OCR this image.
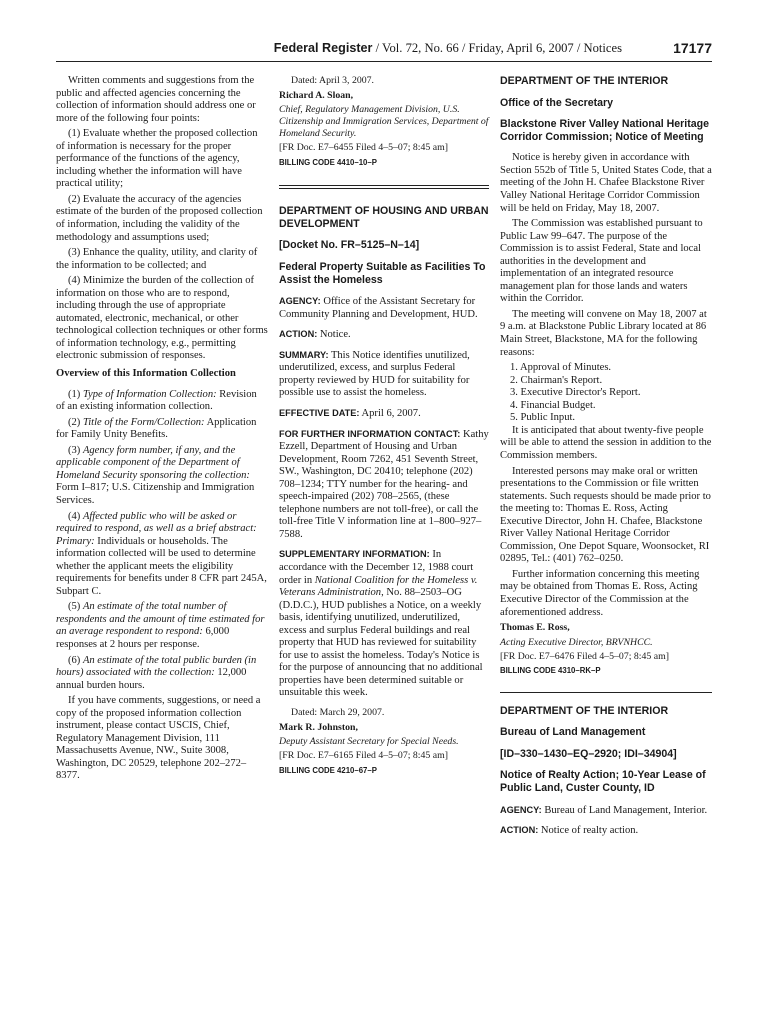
Federal Register / Vol. 72, No. 66 / Friday, April 6, 2007 / Notices	17177

Written comments and suggestions from the public and affected agencies concerning the collection of information should address one or more of the following four points:

(1) Evaluate whether the proposed collection of information is necessary for the proper performance of the functions of the agency, including whether the information will have practical utility;

(2) Evaluate the accuracy of the agencies estimate of the burden of the proposed collection of information, including the validity of the methodology and assumptions used;

(3) Enhance the quality, utility, and clarity of the information to be collected; and

(4) Minimize the burden of the collection of information on those who are to respond, including through the use of appropriate automated, electronic, mechanical, or other technological collection techniques or other forms of information technology, e.g., permitting electronic submission of responses.

Overview of this Information Collection

(1) Type of Information Collection: Revision of an existing information collection.

(2) Title of the Form/Collection: Application for Family Unity Benefits.

(3) Agency form number, if any, and the applicable component of the Department of Homeland Security sponsoring the collection: Form I–817; U.S. Citizenship and Immigration Services.

(4) Affected public who will be asked or required to respond, as well as a brief abstract: Primary: Individuals or households. The information collected will be used to determine whether the applicant meets the eligibility requirements for benefits under 8 CFR part 245A, Subpart C.

(5) An estimate of the total number of respondents and the amount of time estimated for an average respondent to respond: 6,000 responses at 2 hours per response.

(6) An estimate of the total public burden (in hours) associated with the collection: 12,000 annual burden hours.

If you have comments, suggestions, or need a copy of the proposed information collection instrument, please contact USCIS, Chief, Regulatory Management Division, 111 Massachusetts Avenue, NW., Suite 3008, Washington, DC 20529, telephone 202–272–8377.

Dated: April 3, 2007.

Richard A. Sloan,

Chief, Regulatory Management Division, U.S. Citizenship and Immigration Services, Department of Homeland Security.

[FR Doc. E7–6455 Filed 4–5–07; 8:45 am]

BILLING CODE 4410–10–P

DEPARTMENT OF HOUSING AND URBAN DEVELOPMENT

[Docket No. FR–5125–N–14]

Federal Property Suitable as Facilities To Assist the Homeless

AGENCY: Office of the Assistant Secretary for Community Planning and Development, HUD.

ACTION: Notice.

SUMMARY: This Notice identifies unutilized, underutilized, excess, and surplus Federal property reviewed by HUD for suitability for possible use to assist the homeless.

EFFECTIVE DATE: April 6, 2007.

FOR FURTHER INFORMATION CONTACT: Kathy Ezzell, Department of Housing and Urban Development, Room 7262, 451 Seventh Street, SW., Washington, DC 20410; telephone (202) 708–1234; TTY number for the hearing- and speech-impaired (202) 708–2565, (these telephone numbers are not toll-free), or call the toll-free Title V information line at 1–800–927–7588.

SUPPLEMENTARY INFORMATION: In accordance with the December 12, 1988 court order in National Coalition for the Homeless v. Veterans Administration, No. 88–2503–OG (D.D.C.), HUD publishes a Notice, on a weekly basis, identifying unutilized, underutilized, excess and surplus Federal buildings and real property that HUD has reviewed for suitability for use to assist the homeless. Today's Notice is for the purpose of announcing that no additional properties have been determined suitable or unsuitable this week.

Dated: March 29, 2007.

Mark R. Johnston,

Deputy Assistant Secretary for Special Needs.

[FR Doc. E7–6165 Filed 4–5–07; 8:45 am]

BILLING CODE 4210–67–P

DEPARTMENT OF THE INTERIOR

Office of the Secretary

Blackstone River Valley National Heritage Corridor Commission; Notice of Meeting

Notice is hereby given in accordance with Section 552b of Title 5, United States Code, that a meeting of the John H. Chafee Blackstone River Valley National Heritage Corridor Commission will be held on Friday, May 18, 2007.

The Commission was established pursuant to Public Law 99–647. The purpose of the Commission is to assist Federal, State and local authorities in the development and implementation of an integrated resource management plan for those lands and waters within the Corridor.

The meeting will convene on May 18, 2007 at 9 a.m. at Blackstone Public Library located at 86 Main Street, Blackstone, MA for the following reasons:

1. Approval of Minutes.

2. Chairman's Report.

3. Executive Director's Report.

4. Financial Budget.

5. Public Input.

It is anticipated that about twenty-five people will be able to attend the session in addition to the Commission members.

Interested persons may make oral or written presentations to the Commission or file written statements. Such requests should be made prior to the meeting to: Thomas E. Ross, Acting Executive Director, John H. Chafee, Blackstone River Valley National Heritage Corridor Commission, One Depot Square, Woonsocket, RI 02895, Tel.: (401) 762–0250.

Further information concerning this meeting may be obtained from Thomas E. Ross, Acting Executive Director of the Commission at the aforementioned address.

Thomas E. Ross,

Acting Executive Director, BRVNHCC.

[FR Doc. E7–6476 Filed 4–5–07; 8:45 am]

BILLING CODE 4310–RK–P

DEPARTMENT OF THE INTERIOR

Bureau of Land Management

[ID–330–1430–EQ–2920; IDI–34904]

Notice of Realty Action; 10-Year Lease of Public Land, Custer County, ID

AGENCY: Bureau of Land Management, Interior.

ACTION: Notice of realty action.
